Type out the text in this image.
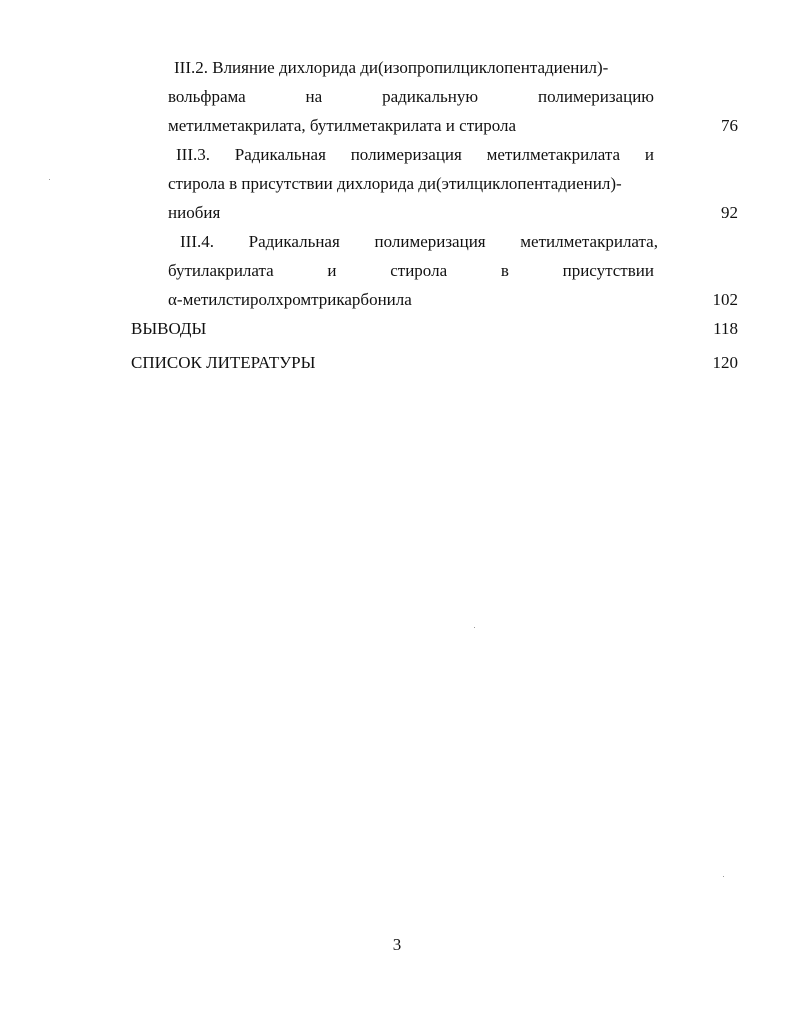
III.2. Влияние дихлорида ди(изопропилциклопентадиенил)-
вольфрама	на	радикальную	полимеризацию
метилметакрилата, бутилметакрилата и стирола	76
III.3. Радикальная полимеризация метилметакрилата и
стирола в присутствии дихлорида ди(этилциклопентадиенил)-
ниобия	92
III.4. Радикальная полимеризация метилметакрилата,
бутилакрилата	и	стирола	в	присутствии
α-метилстиролхромтрикарбонила	102
ВЫВОДЫ	118
СПИСОК ЛИТЕРАТУРЫ	120
3
